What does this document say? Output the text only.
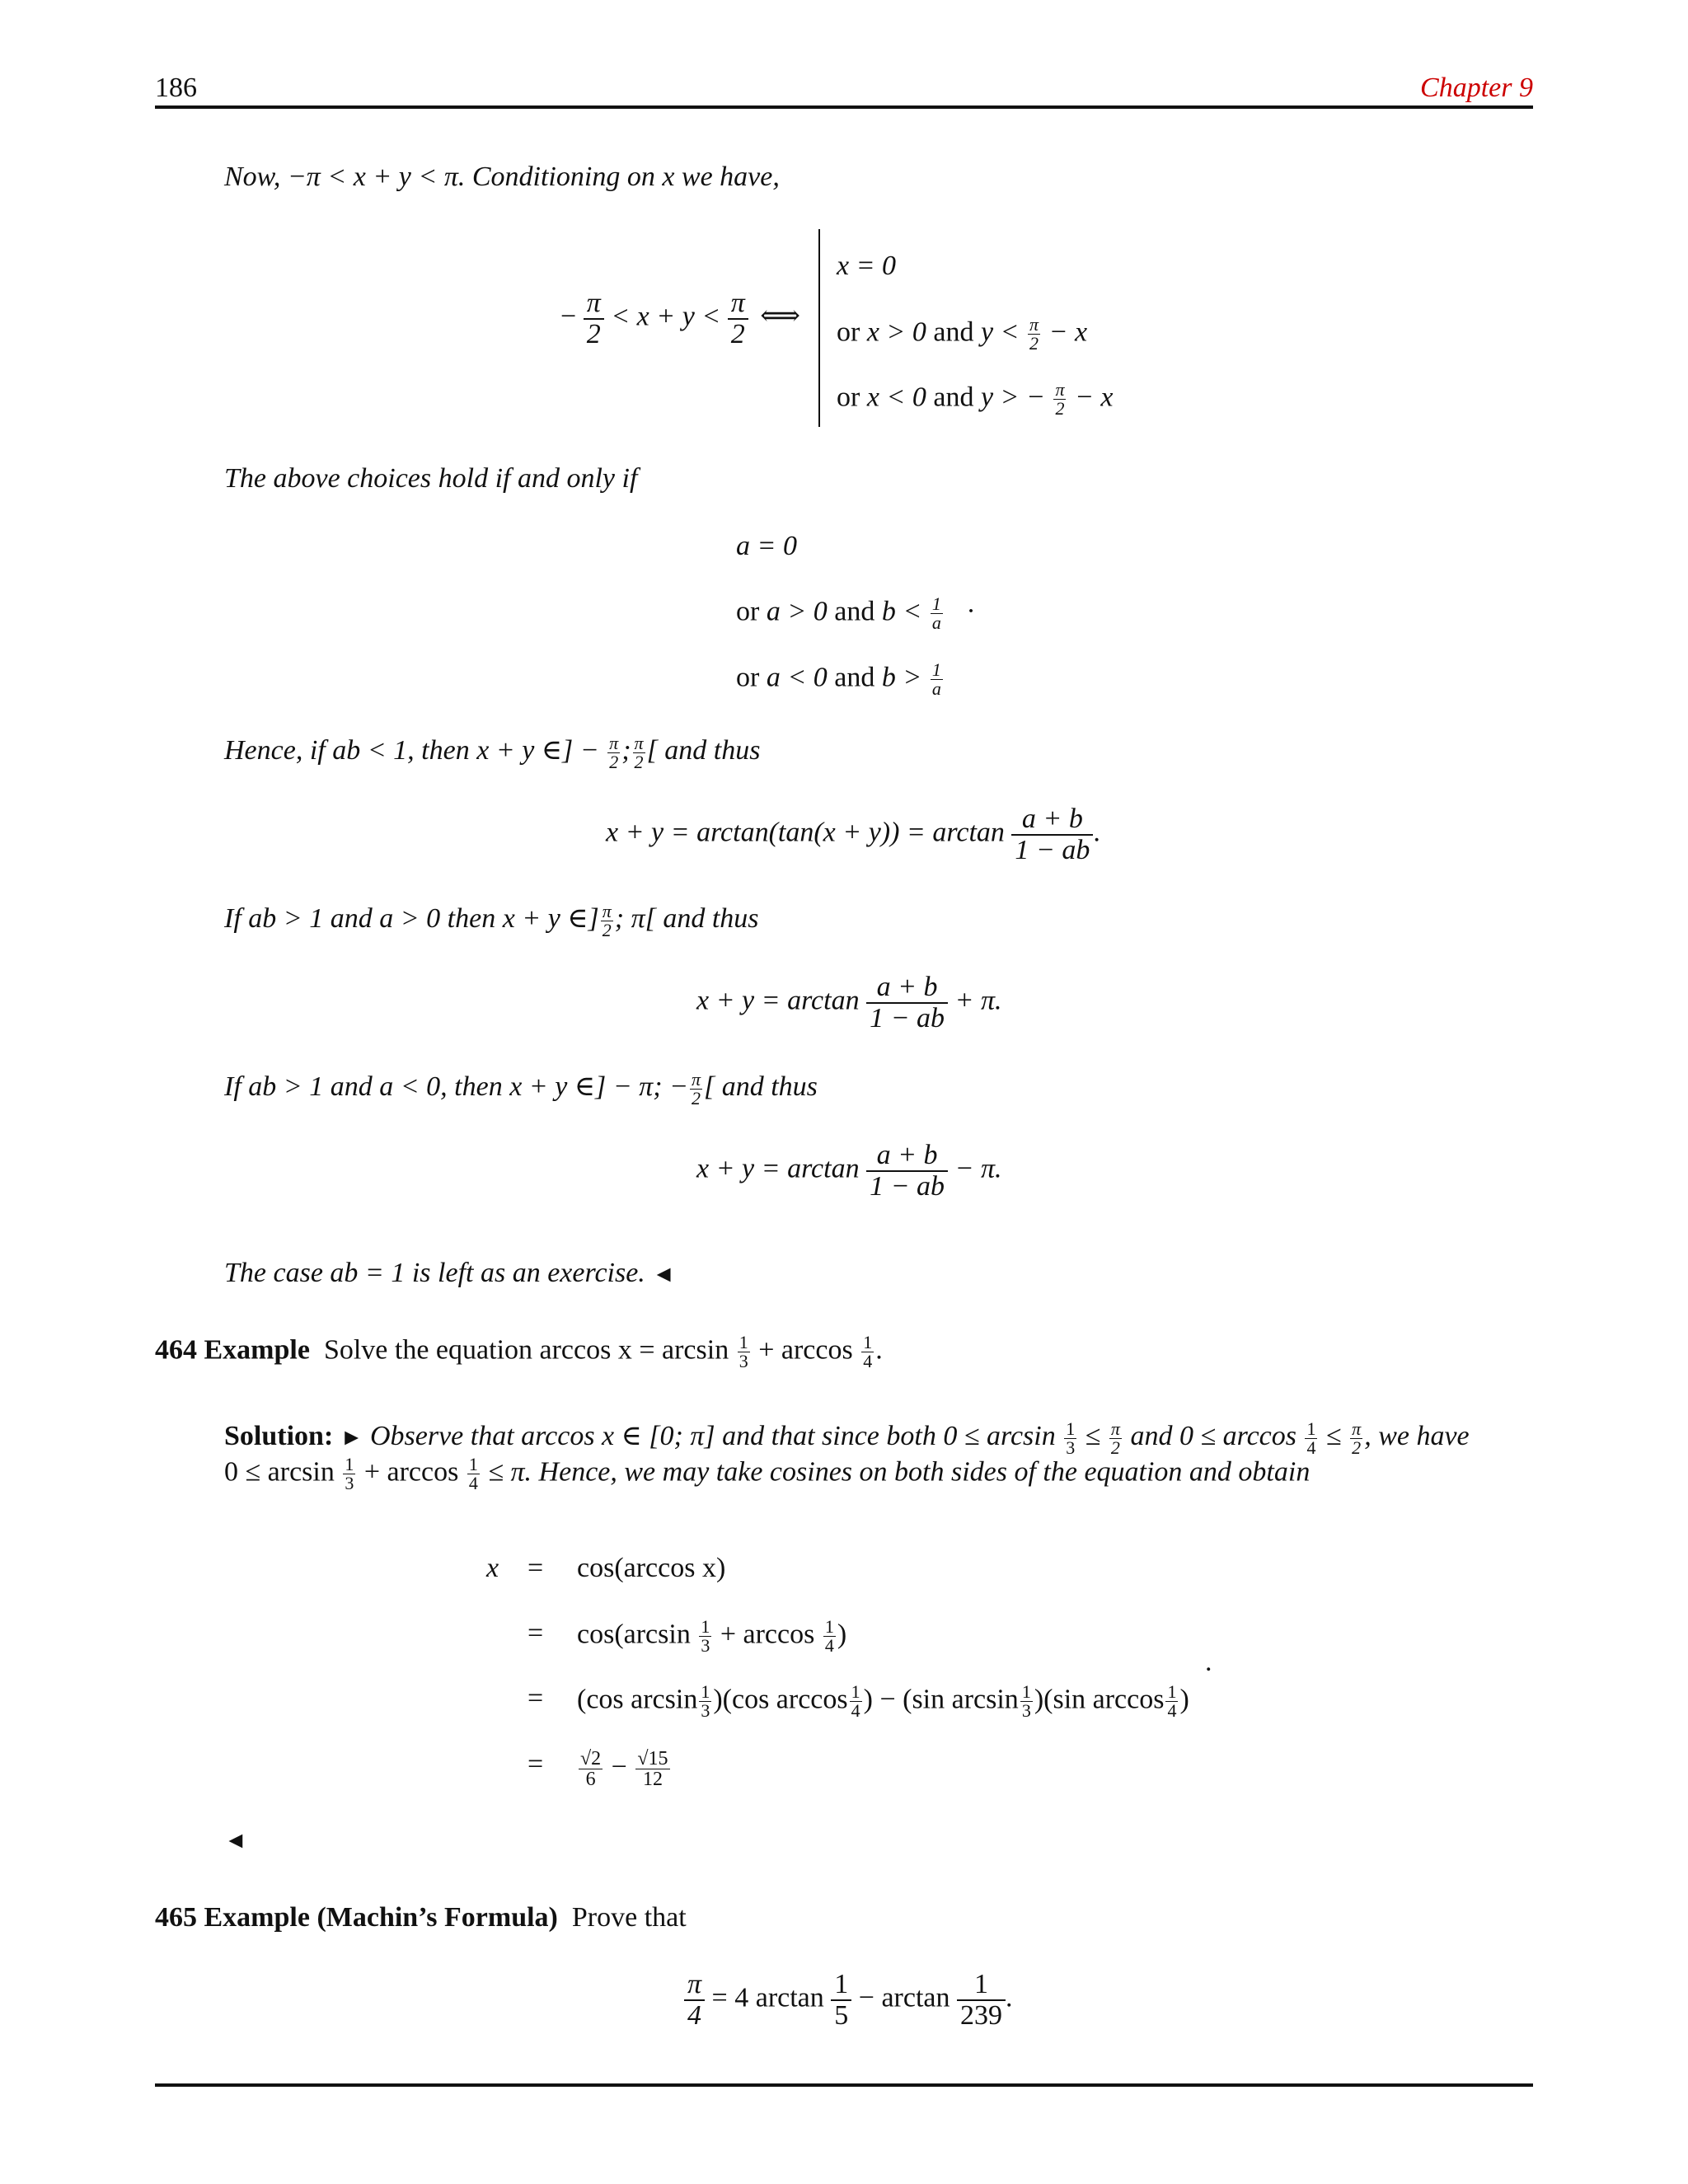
186	Chapter 9
Now, −π < x + y < π. Conditioning on x we have,
− $\frac{\pi}{2} < x + y < \frac{\pi}{2}$ ⟺
x = 0
or x > 0 and $y < \frac{\pi}{2} - x$
or x < 0 and y > − $\frac{\pi}{2} - x$
The above choices hold if and only if
a = 0
or a > 0 and $b < \frac{1}{a}$ ·
or a < 0 and $b > \frac{1}{a}$
Hence, if ab < 1, then x + y ∈] − $\frac{\pi}{2}$ ; $\frac{\pi}{2}$ [ and thus
$x + y = \arctan(\tan(x + y)) = \arctan \frac{a + b}{1 - ab}$ .
If ab > 1 and a > 0 then x + y ∈] $\frac{\pi}{2}$ ; π[ and thus
$x + y = \arctan \frac{a + b}{1 - ab} + \pi$.
If ab > 1 and a < 0, then x + y ∈] − π; − $\frac{\pi}{2}$ [ and thus
$x + y = \arctan \frac{a + b}{1 - ab} - \pi$.
The case ab = 1 is left as an exercise. ◄
464 Example Solve the equation $\arccos x = \arcsin \frac{1}{3} + \arccos \frac{1}{4}$ .
Solution: ► Observe that arccos x ∈ [0; π] and that since both $0 \le \arcsin \frac{1}{3} \le \frac{\pi}{2}$ and $0 \le \arccos \frac{1}{4} \le \frac{\pi}{2}$ , we have
$0 \le \arcsin \frac{1}{3} + \arccos \frac{1}{4} \le \pi$. Hence, we may take cosines on both sides of the equation and obtain
x = cos(arccos x)
= $\cos(\arcsin \frac{1}{3} + \arccos \frac{1}{4}$ )
= (cos $\arcsin \frac{1}{3} )(\cos$ $\arccos \frac{1}{4}$ ) − (sin $\arcsin \frac{1}{3} )(\sin$ $\arccos \frac{1}{4}$ )
.
= $\frac{√2}{6} - \frac{√15}{12}$
◄
465 Example (Machin’s Formula) Prove that
$\frac{\pi}{4} = 4$ $\arctan \frac{1}{5} - \arctan \frac{1}{239}$ .
